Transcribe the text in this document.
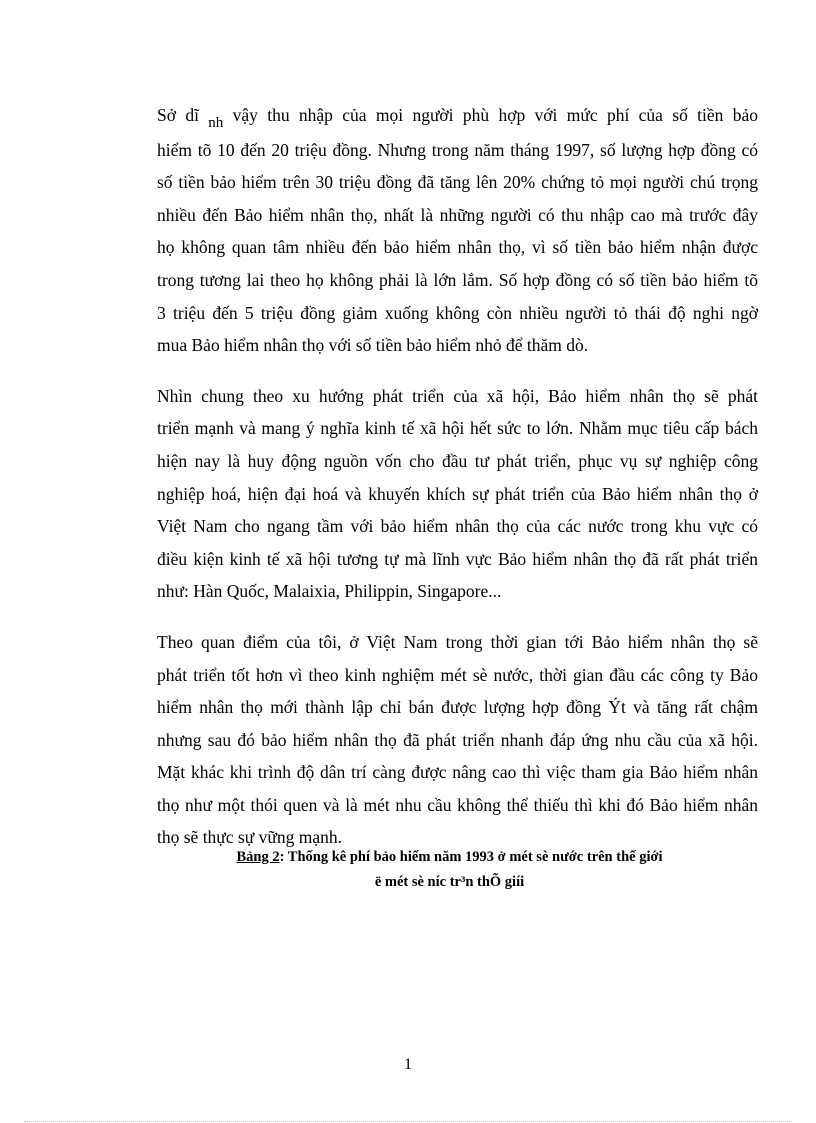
Sở dĩ nh vậy thu nhập của mọi người phù hợp với mức phí của số tiền bảo
hiểm tõ 10 đến 20 triệu đồng. Nhưng trong năm tháng 1997, số lượng hợp đồng có
số tiền bảo hiểm trên 30 triệu đồng đã tăng lên 20% chứng tỏ mọi người chú trọng
nhiều đến Bảo hiểm nhân thọ, nhất là những người có thu nhập cao mà trước đây
họ không quan tâm nhiều đến bảo hiểm nhân thọ, vì số tiền bảo hiểm nhận được
trong tương lai theo họ không phải là lớn lắm. Số hợp đồng có số tiền bảo hiểm tõ
3 triệu đến 5 triệu đồng giảm xuống không còn nhiều người tỏ thái độ nghi ngờ
mua Bảo hiểm nhân thọ với số tiền bảo hiểm nhỏ để thăm dò.

Nhìn chung theo xu hướng phát triển của xã hội, Bảo hiểm nhân thọ sẽ phát
triển mạnh và mang ý nghĩa kinh tế xã hội hết sức to lớn. Nhằm mục tiêu cấp bách
hiện nay là huy động nguồn vốn cho đầu tư phát triển, phục vụ sự nghiệp công
nghiệp hoá, hiện đại hoá và khuyến khích sự phát triển của Bảo hiểm nhân thọ ở
Việt Nam cho ngang tầm với bảo hiểm nhân thọ của các nước trong khu vực có
điều kiện kinh tế xã hội tương tự mà lĩnh vực Bảo hiểm nhân thọ đã rất phát triển
như: Hàn Quốc, Malaixia, Philippin, Singapore...

Theo quan điểm của tôi, ở Việt Nam trong thời gian tới Bảo hiểm nhân thọ sẽ
phát triển tốt hơn vì theo kinh nghiệm mét sè nước, thời gian đầu các công ty Bảo
hiểm nhân thọ mới thành lập chỉ bán được lượng hợp đồng Ýt và tăng rất chậm
nhưng sau đó bảo hiểm nhân thọ đã phát triển nhanh đáp ứng nhu cầu của xã hội.
Mặt khác khi trình độ dân trí càng được nâng cao thì việc tham gia Bảo hiểm nhân
thọ như một thói quen và là mét nhu cầu không thể thiếu thì khi đó Bảo hiểm nhân
thọ sẽ thực sự vững mạnh.

Bảng 2: Thống kê phí bảo hiểm năm 1993 ở mét sè nước trên thế giới
ë mét sè níc tr³n thÕ giíi
1
